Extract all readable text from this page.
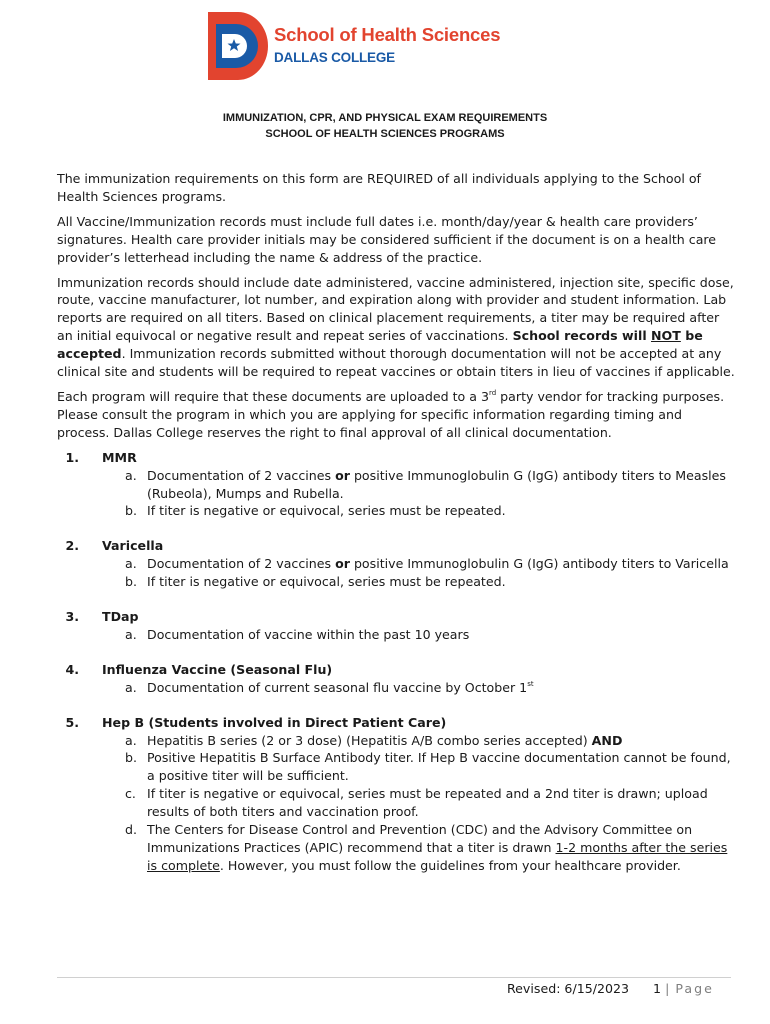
School of Health Sciences
DALLAS COLLEGE
IMMUNIZATION, CPR, AND PHYSICAL EXAM REQUIREMENTS
SCHOOL OF HEALTH SCIENCES PROGRAMS

The immunization requirements on this form are REQUIRED of all individuals applying to the School of Health Sciences programs.

All Vaccine/Immunization records must include full dates i.e. month/day/year & health care providers’ signatures. Health care provider initials may be considered sufficient if the document is on a health care provider’s letterhead including the name & address of the practice.

Immunization records should include date administered, vaccine administered, injection site, specific dose, route, vaccine manufacturer, lot number, and expiration along with provider and student information. Lab reports are required on all titers. Based on clinical placement requirements, a titer may be required after an initial equivocal or negative result and repeat series of vaccinations. School records will NOT be accepted. Immunization records submitted without thorough documentation will not be accepted at any clinical site and students will be required to repeat vaccines or obtain titers in lieu of vaccines if applicable.

Each program will require that these documents are uploaded to a 3rd party vendor for tracking purposes. Please consult the program in which you are applying for specific information regarding timing and process. Dallas College reserves the right to final approval of all clinical documentation.

1. MMR
a. Documentation of 2 vaccines or positive Immunoglobulin G (IgG) antibody titers to Measles (Rubeola), Mumps and Rubella.
b. If titer is negative or equivocal, series must be repeated.
2. Varicella
a. Documentation of 2 vaccines or positive Immunoglobulin G (IgG) antibody titers to Varicella
b. If titer is negative or equivocal, series must be repeated.
3. TDap
a. Documentation of vaccine within the past 10 years
4. Influenza Vaccine (Seasonal Flu)
a. Documentation of current seasonal flu vaccine by October 1st
5. Hep B (Students involved in Direct Patient Care)
a. Hepatitis B series (2 or 3 dose) (Hepatitis A/B combo series accepted) AND
b. Positive Hepatitis B Surface Antibody titer. If Hep B vaccine documentation cannot be found, a positive titer will be sufficient.
c. If titer is negative or equivocal, series must be repeated and a 2nd titer is drawn; upload results of both titers and vaccination proof.
d. The Centers for Disease Control and Prevention (CDC) and the Advisory Committee on Immunizations Practices (APIC) recommend that a titer is drawn 1-2 months after the series is complete. However, you must follow the guidelines from your healthcare provider.
Revised: 6/15/2023 1 | Page
